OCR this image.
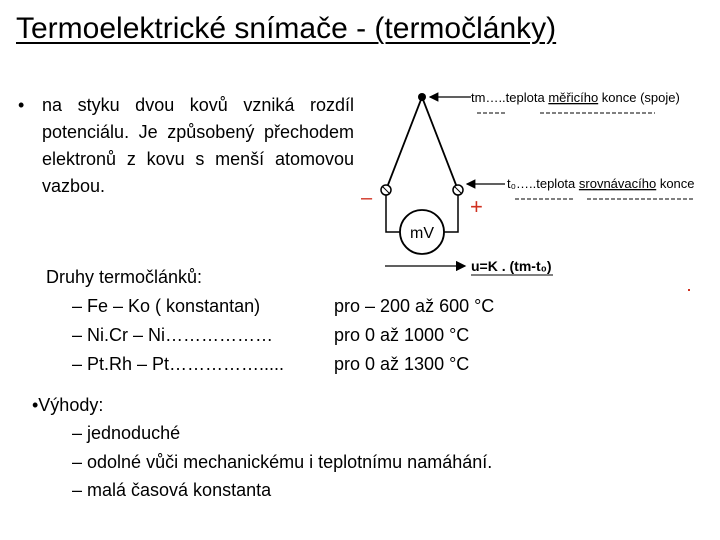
Termoelektrické snímače - (termočlánky)
• na styku dvou kovů vzniká rozdíl potenciálu. Je způsobený přechodem elektronů z kovu s menší atomovou vazbou.
Druhy termočlánků:
– Fe – Ko ( konstantan)	pro – 200 až 600 °C
– Ni.Cr – Ni………………	pro 0 až 1000 °C
– Pt.Rh – Pt…………….....	pro 0 až 1300 °C
•Výhody:
– jednoduché
– odolné vůči mechanickému i teplotnímu namáhání.
– malá časová konstanta
mV
tm…..teplota měřicího konce (spoje)
t₀…..teplota srovnávacího konce
u=K . (tm-t₀)
–	+
